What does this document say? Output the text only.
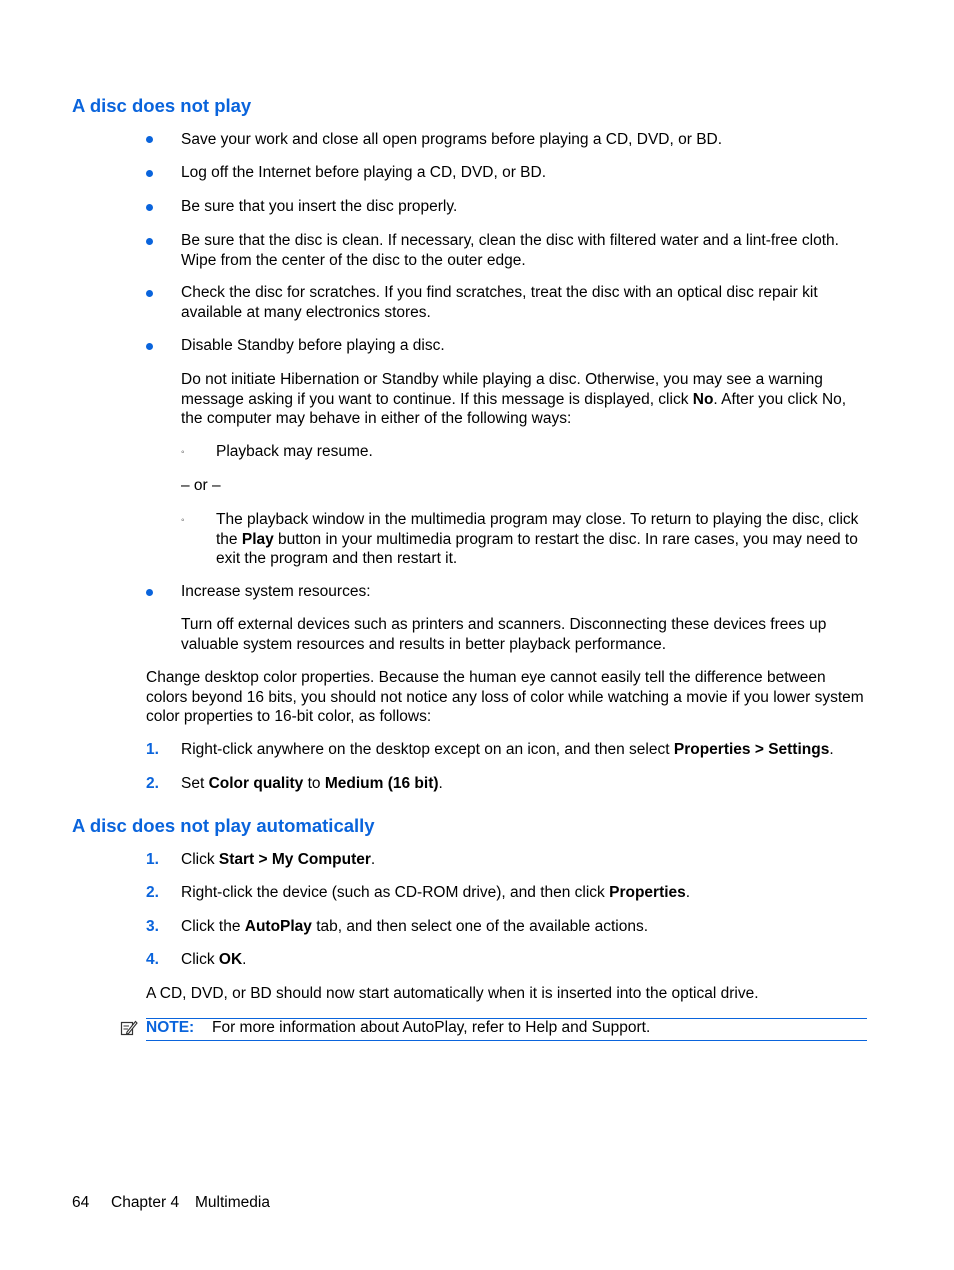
A disc does not play
Save your work and close all open programs before playing a CD, DVD, or BD.
Log off the Internet before playing a CD, DVD, or BD.
Be sure that you insert the disc properly.
Be sure that the disc is clean. If necessary, clean the disc with filtered water and a lint-free cloth. Wipe from the center of the disc to the outer edge.
Check the disc for scratches. If you find scratches, treat the disc with an optical disc repair kit available at many electronics stores.
Disable Standby before playing a disc.
Do not initiate Hibernation or Standby while playing a disc. Otherwise, you may see a warning message asking if you want to continue. If this message is displayed, click No. After you click No, the computer may behave in either of the following ways:
◦ Playback may resume.
– or –
◦ The playback window in the multimedia program may close. To return to playing the disc, click the Play button in your multimedia program to restart the disc. In rare cases, you may need to exit the program and then restart it.
Increase system resources:
Turn off external devices such as printers and scanners. Disconnecting these devices frees up valuable system resources and results in better playback performance.
Change desktop color properties. Because the human eye cannot easily tell the difference between colors beyond 16 bits, you should not notice any loss of color while watching a movie if you lower system color properties to 16-bit color, as follows:
1. Right-click anywhere on the desktop except on an icon, and then select Properties > Settings.
2. Set Color quality to Medium (16 bit).
A disc does not play automatically
1. Click Start > My Computer.
2. Right-click the device (such as CD-ROM drive), and then click Properties.
3. Click the AutoPlay tab, and then select one of the available actions.
4. Click OK.
A CD, DVD, or BD should now start automatically when it is inserted into the optical drive.
NOTE: For more information about AutoPlay, refer to Help and Support.
64 Chapter 4 Multimedia
